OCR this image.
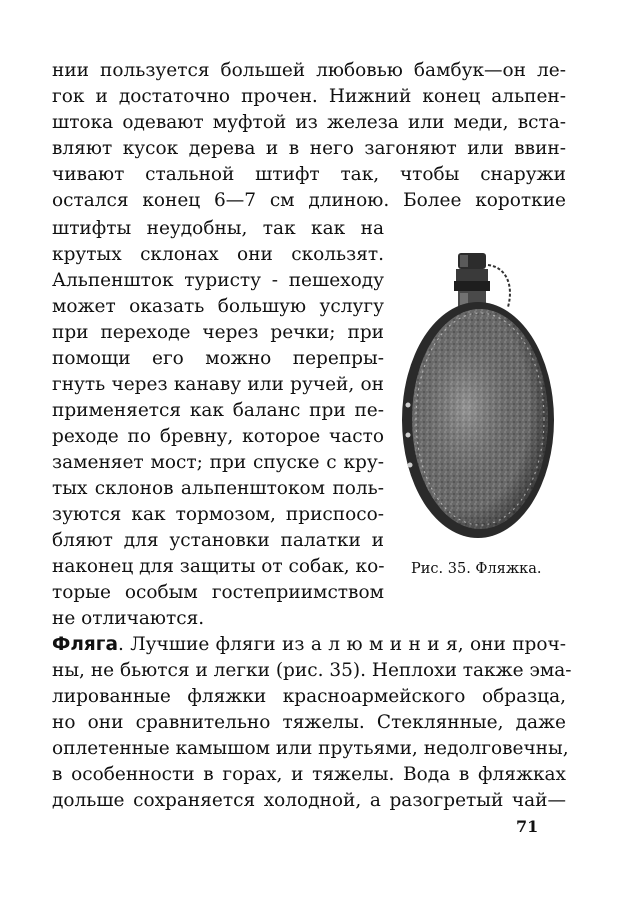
нии пользуется большей любовью бамбук—он ле-
гок и достаточно прочен. Нижний конец альпен-
штока одевают муфтой из железа или меди, вста-
вляют кусок дерева и в него загоняют или ввин-
чивают стальной штифт так, чтобы снаружи
остался конец 6—7 см длиною. Более короткие
штифты неудобны, так как на
крутых склонах они скользят.
Альпеншток туристу - пешеходу
может оказать большую услугу
при переходе через речки; при
помощи его можно перепры-
гнуть через канаву или ручей, он
применяется как баланс при пе-
реходе по бревну, которое часто
заменяет мост; при спуске с кру-
тых склонов альпенштоком поль-
зуются как тормозом, приспосо-
бляют для установки палатки и
наконец для защиты от собак, ко-
торые особым гостеприимством
не отличаются.
Рис. 35. Фляжка.
Фляга. Лучшие фляги из а л ю м и н и я, они проч-
ны, не бьются и легки (рис. 35). Неплохи также эма-
лированные фляжки красноармейского образца,
но они сравнительно тяжелы. Стеклянные, даже
оплетенные камышом или прутьями, недолговечны,
в особенности в горах, и тяжелы. Вода в фляжках
дольше сохраняется холодной, а разогретый чай—
71
